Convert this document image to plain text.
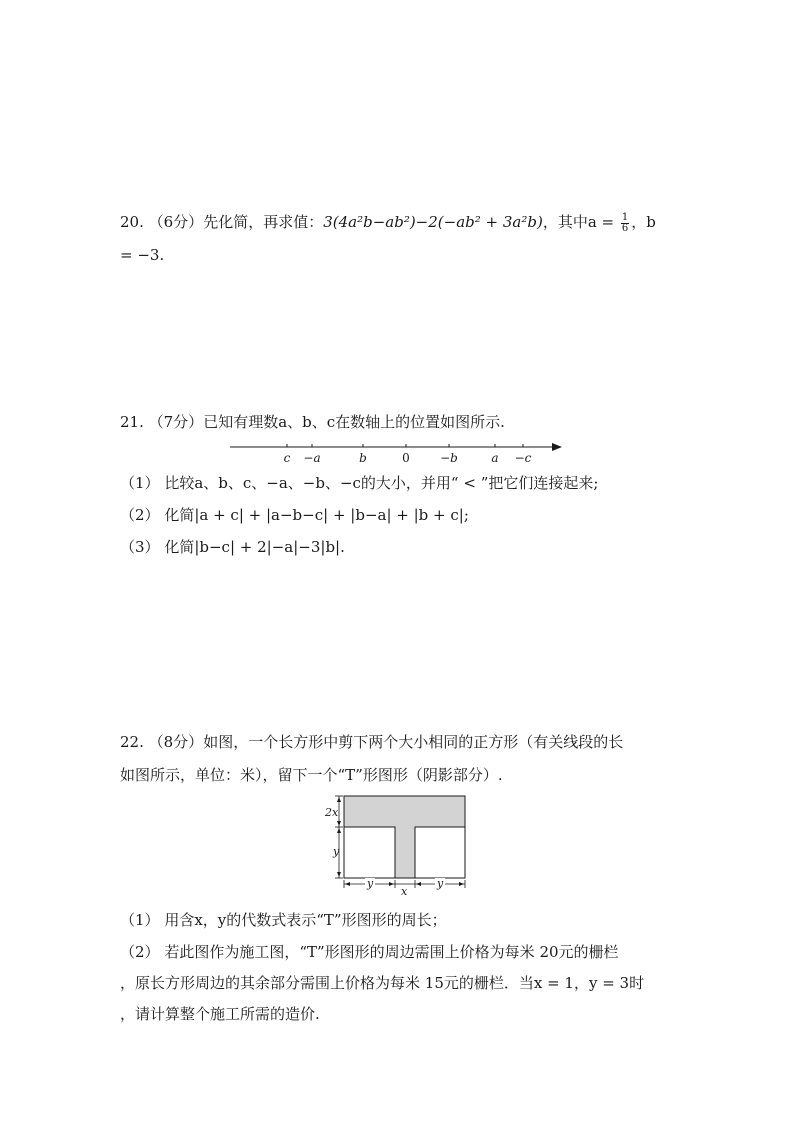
20. （6分）先化简，再求值：3(4a²b−ab²)−2(−ab² + 3a²b)，其中$a = \frac{1}{6}$ ，b
= −3.
21. （7分）已知有理数a、b、c在数轴上的位置如图所示.
c −a	b	0	−b	a −c
（1） 比较a、b、c、−a、−b、−c的大小，并用“ < ”把它们连接起来;
（2） 化简|a + c| + |a−b−c| + |b−a| + |b + c|;
（3） 化简|b−c| + 2|−a|−3|b|.
22. （8分）如图，一个长方形中剪下两个大小相同的正方形（有关线段的长
如图所示，单位：米），留下一个“T”形图形（阴影部分）.
2x
y
y
x
y
（1） 用含x，y的代数式表示“T”形图形的周长；
（2） 若此图作为施工图，“T”形图形的周边需围上价格为每米 20元的栅栏
，原长方形周边的其余部分需围上价格为每米 15元的栅栏．当x = 1，y = 3时
，请计算整个施工所需的造价.
